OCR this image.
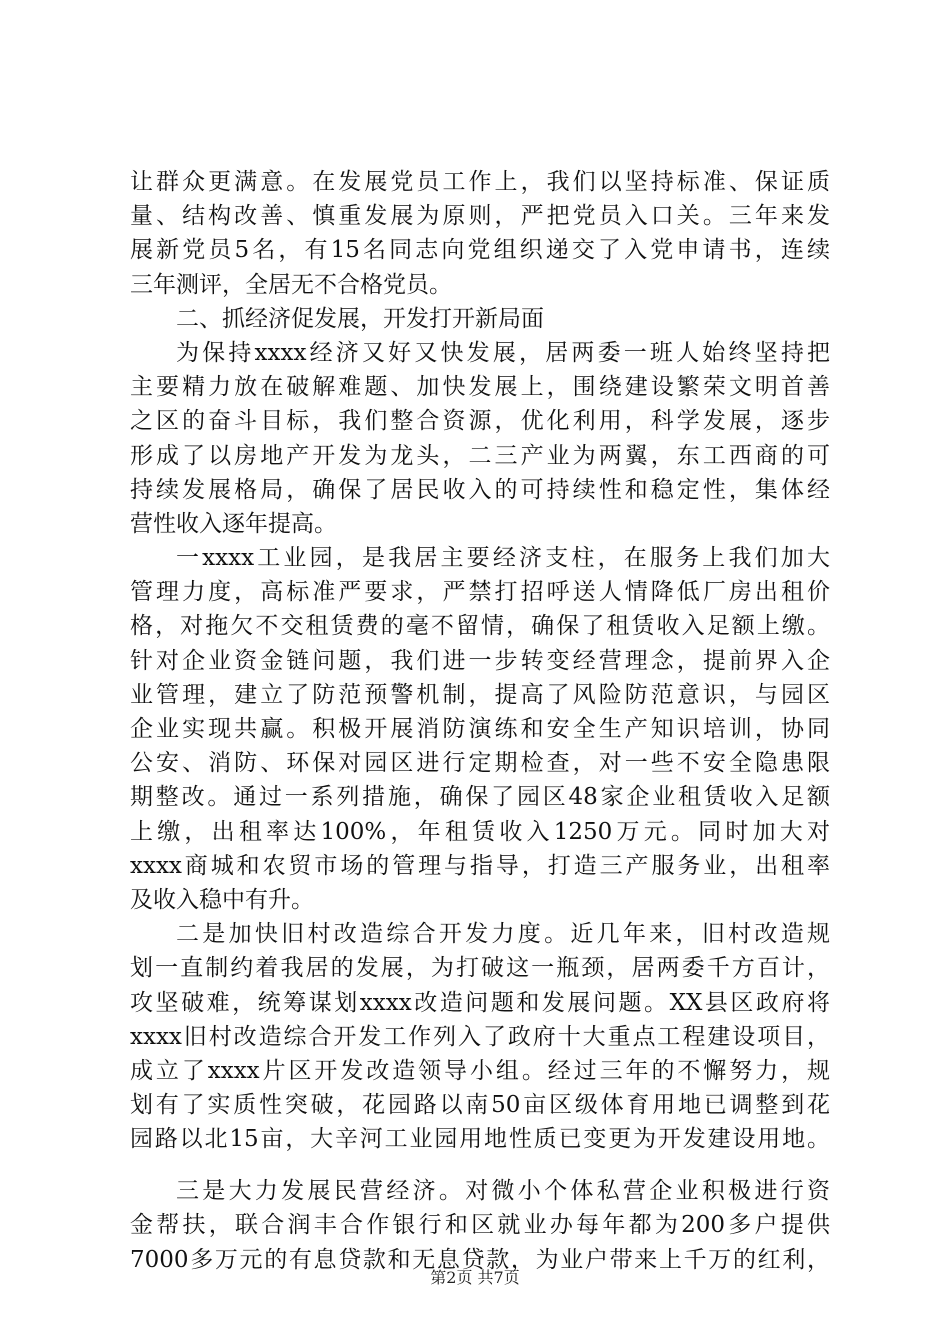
让群众更满意。在发展党员工作上，我们以坚持标准、保证质
量、结构改善、慎重发展为原则，严把党员入口关。三年来发
展新党员5名，有15名同志向党组织递交了入党申请书，连续
三年测评，全居无不合格党员。
二、抓经济促发展，开发打开新局面
为保持xxxx经济又好又快发展，居两委一班人始终坚持把
主要精力放在破解难题、加快发展上，围绕建设繁荣文明首善
之区的奋斗目标，我们整合资源，优化利用，科学发展，逐步
形成了以房地产开发为龙头，二三产业为两翼，东工西商的可
持续发展格局，确保了居民收入的可持续性和稳定性，集体经
营性收入逐年提高。
一xxxx工业园，是我居主要经济支柱，在服务上我们加大
管理力度，高标准严要求，严禁打招呼送人情降低厂房出租价
格，对拖欠不交租赁费的毫不留情，确保了租赁收入足额上缴。
针对企业资金链问题，我们进一步转变经营理念，提前界入企
业管理，建立了防范预警机制，提高了风险防范意识，与园区
企业实现共赢。积极开展消防演练和安全生产知识培训，协同
公安、消防、环保对园区进行定期检查，对一些不安全隐患限
期整改。通过一系列措施，确保了园区48家企业租赁收入足额
上缴，出租率达100%，年租赁收入1250万元。同时加大对
xxxx商城和农贸市场的管理与指导，打造三产服务业，出租率
及收入稳中有升。
二是加快旧村改造综合开发力度。近几年来，旧村改造规
划一直制约着我居的发展，为打破这一瓶颈，居两委千方百计，
攻坚破难，统筹谋划xxxx改造问题和发展问题。XX县区政府将
xxxx旧村改造综合开发工作列入了政府十大重点工程建设项目，
成立了xxxx片区开发改造领导小组。经过三年的不懈努力，规
划有了实质性突破，花园路以南50亩区级体育用地已调整到花
园路以北15亩，大辛河工业园用地性质已变更为开发建设用地。
三是大力发展民营经济。对微小个体私营企业积极进行资
金帮扶，联合润丰合作银行和区就业办每年都为200多户提供
7000多万元的有息贷款和无息贷款，为业户带来上千万的红利，
第2页 共7页
